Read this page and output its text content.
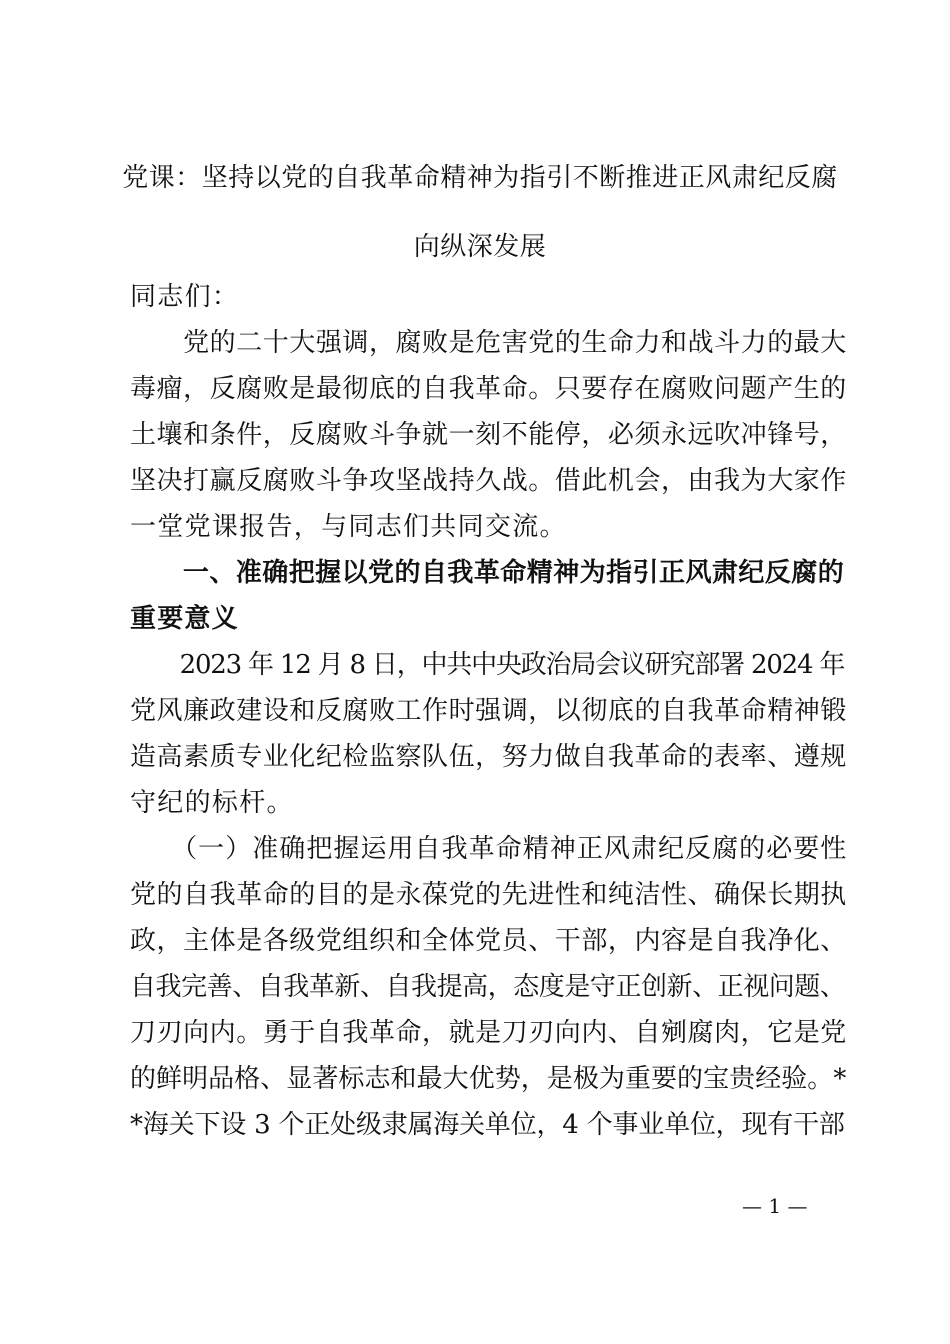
党课：坚持以党的自我革命精神为指引不断推进正风肃纪反腐
向纵深发展
同志们：
　　党的二十大强调，腐败是危害党的生命力和战斗力的最大
毒瘤，反腐败是最彻底的自我革命。只要存在腐败问题产生的
土壤和条件，反腐败斗争就一刻不能停，必须永远吹冲锋号，
坚决打赢反腐败斗争攻坚战持久战。借此机会，由我为大家作
一堂党课报告，与同志们共同交流。
　　一、准确把握以党的自我革命精神为指引正风肃纪反腐的
重要意义
　　2023 年 12 月 8 日，中共中央政治局会议研究部署 2024 年
党风廉政建设和反腐败工作时强调，以彻底的自我革命精神锻
造高素质专业化纪检监察队伍，努力做自我革命的表率、遵规
守纪的标杆。
　　（一）准确把握运用自我革命精神正风肃纪反腐的必要性
党的自我革命的目的是永葆党的先进性和纯洁性、确保长期执
政，主体是各级党组织和全体党员、干部，内容是自我净化、
自我完善、自我革新、自我提高，态度是守正创新、正视问题、
刀刃向内。勇于自我革命，就是刀刃向内、自剜腐肉，它是党
的鲜明品格、显著标志和最大优势，是极为重要的宝贵经验。*
*海关下设 3 个正处级隶属海关单位，4 个事业单位，现有干部
— 1 —
